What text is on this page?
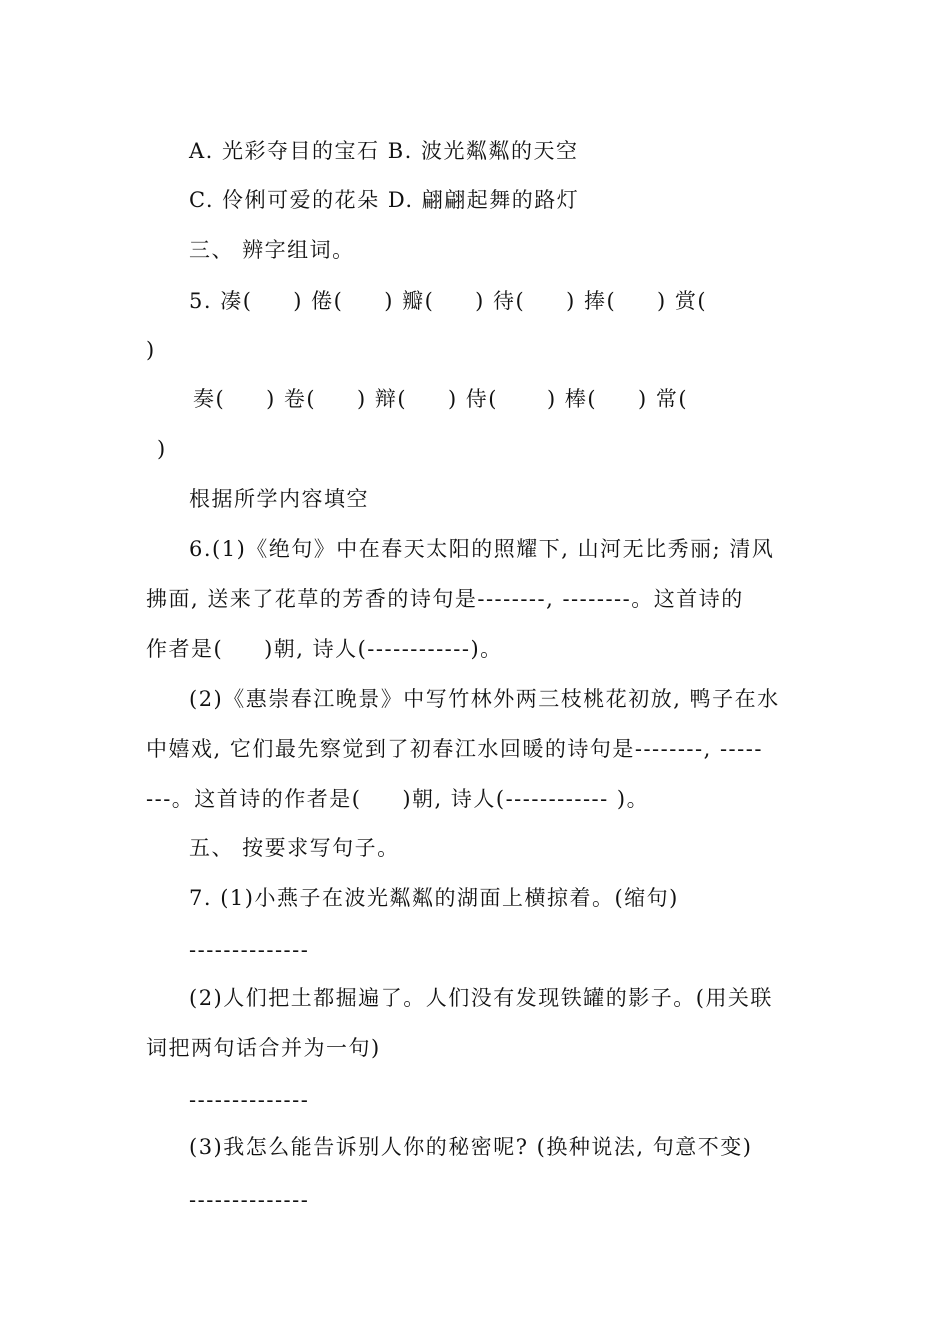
A. 光彩夺目的宝石 B. 波光粼粼的天空

C. 伶俐可爱的花朵 D. 翩翩起舞的路灯

三、 辨字组词。

5. 凑(     ) 倦(     ) 瓣(     ) 待(     ) 捧(     ) 赏(

)

奏(     ) 卷(     ) 辩(     ) 侍(      ) 棒(     ) 常(

)

根据所学内容填空

6.(1)《绝句》中在春天太阳的照耀下, 山河无比秀丽; 清风

拂面, 送来了花草的芳香的诗句是--------, --------。这首诗的

作者是(     )朝, 诗人(------------)。

(2)《惠崇春江晚景》中写竹林外两三枝桃花初放, 鸭子在水

中嬉戏, 它们最先察觉到了初春江水回暖的诗句是--------, -----

---。这首诗的作者是(     )朝, 诗人(------------ )。

五、 按要求写句子。

7. (1)小燕子在波光粼粼的湖面上横掠着。(缩句)

--------------

(2)人们把土都掘遍了。人们没有发现铁罐的影子。(用关联

词把两句话合并为一句)

--------------

(3)我怎么能告诉别人你的秘密呢? (换种说法, 句意不变)

--------------
